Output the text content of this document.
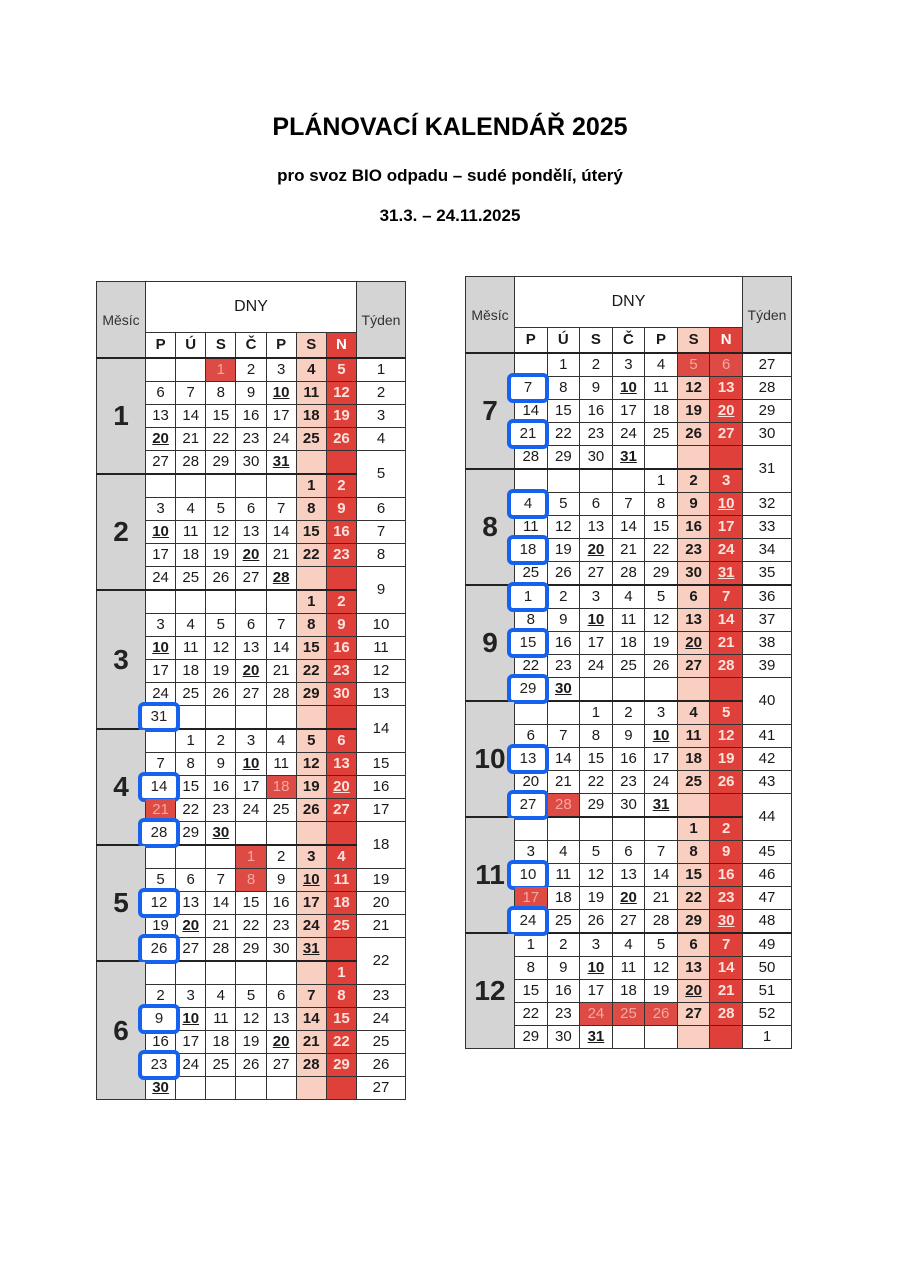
PLÁNOVACÍ KALENDÁŘ 2025
pro svoz BIO odpadu – sudé pondělí, úterý
31.3. – 24.11.2025
Měsíc	DNY							Týden
	P	Ú	S	Č	P	S	N	
1			1	2	3	4	5	1
	6	7	8	9	10	11	12	2
	13	14	15	16	17	18	19	3
	20	21	22	23	24	25	26	4
	27	28	29	30	31			5
2						1	2	
	3	4	5	6	7	8	9	6
	10	11	12	13	14	15	16	7
	17	18	19	20	21	22	23	8
	24	25	26	27	28			9
3						1	2	
	3	4	5	6	7	8	9	10
	10	11	12	13	14	15	16	11
	17	18	19	20	21	22	23	12
	24	25	26	27	28	29	30	13

	31							14
4		1	2	3	4	5	6	
	7	8	9	10	11	12	13	15

	14	15	16	17	18	19	20	16
	21	22	23	24	25	26	27	17

	28	29	30					18
5				1	2	3	4	
	5	6	7	8	9	10	11	19

	12	13	14	15	16	17	18	20
	19	20	21	22	23	24	25	21

	26	27	28	29	30	31		22
6							1	
	2	3	4	5	6	7	8	23

	9	10	11	12	13	14	15	24
	16	17	18	19	20	21	22	25

	23	24	25	26	27	28	29	26
	30							27
Měsíc	DNY							Týden
	P	Ú	S	Č	P	S	N	
7		1	2	3	4	5	6	27

	7	8	9	10	11	12	13	28
	14	15	16	17	18	19	20	29

	21	22	23	24	25	26	27	30
	28	29	30	31				31
8					1	2	3	

	4	5	6	7	8	9	10	32
	11	12	13	14	15	16	17	33

	18	19	20	21	22	23	24	34
	25	26	27	28	29	30	31	35
9	1	2	3	4	5	6	7	36
	8	9	10	11	12	13	14	37

	15	16	17	18	19	20	21	38
	22	23	24	25	26	27	28	39

	29	30						40
10			1	2	3	4	5	
	6	7	8	9	10	11	12	41

	13	14	15	16	17	18	19	42
	20	21	22	23	24	25	26	43

	27	28	29	30	31			44
11						1	2	
	3	4	5	6	7	8	9	45

	10	11	12	13	14	15	16	46
	17	18	19	20	21	22	23	47

	24	25	26	27	28	29	30	48
12	1	2	3	4	5	6	7	49
	8	9	10	11	12	13	14	50
	15	16	17	18	19	20	21	51
	22	23	24	25	26	27	28	52
	29	30	31					1
